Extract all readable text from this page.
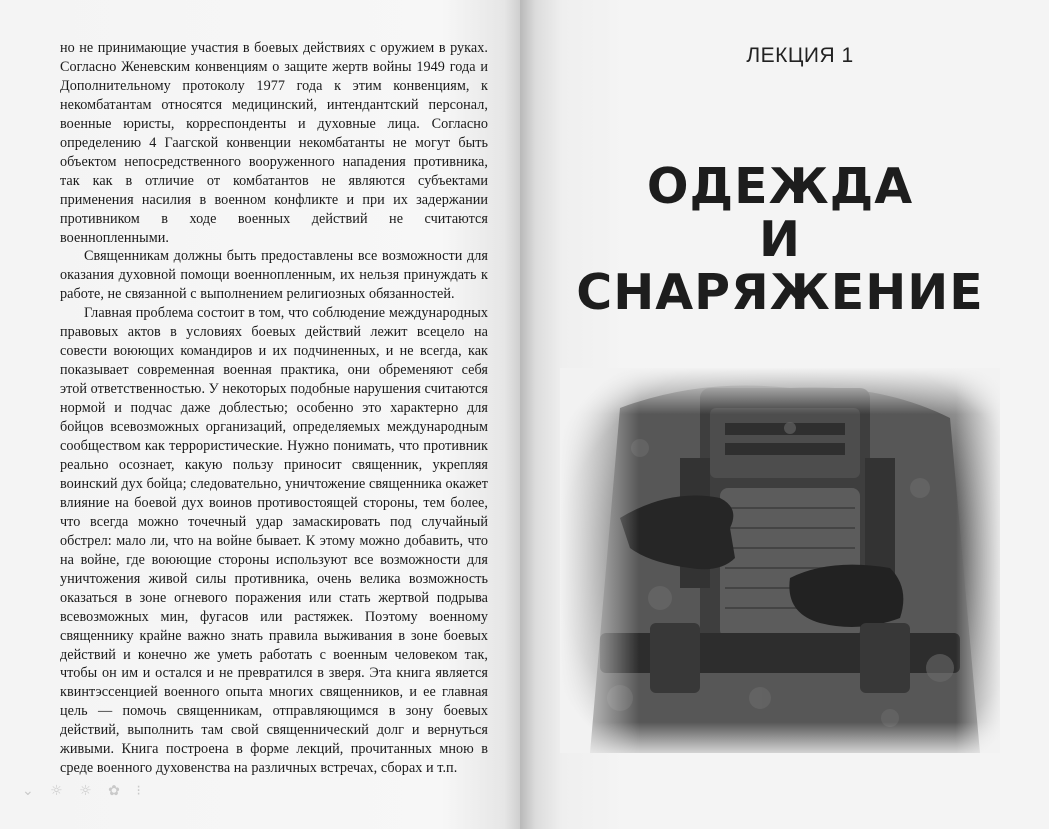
но не принимающие участия в боевых действиях с оружием в руках. Согласно Женевским конвенциям о защите жертв войны 1949 года и Дополнительному протоколу 1977 года к этим конвенциям, к некомбатантам относятся медицинский, интендантский персонал, военные юристы, корреспонденты и духовные лица. Согласно определению 4 Гаагской конвенции некомбатанты не могут быть объектом непосредственного вооруженного нападения противника, так как в отличие от комбатантов не являются субъектами применения насилия в военном конфликте и при их задержании противником в ходе военных действий не считаются военнопленными.

Священникам должны быть предоставлены все возможности для оказания духовной помощи военнопленным, их нельзя принуждать к работе, не связанной с выполнением религиозных обязанностей.

Главная проблема состоит в том, что соблюдение международных правовых актов в условиях боевых действий лежит всецело на совести воюющих командиров и их подчиненных, и не всегда, как показывает современная военная практика, они обременяют себя этой ответственностью. У некоторых подобные нарушения считаются нормой и подчас даже доблестью; особенно это характерно для бойцов всевозможных организаций, определяемых международным сообществом как террористические. Нужно понимать, что противник реально осознает, какую пользу приносит священник, укрепляя воинский дух бойца; следовательно, уничтожение священника окажет влияние на боевой дух воинов противостоящей стороны, тем более, что всегда можно точечный удар замаскировать под случайный обстрел: мало ли, что на войне бывает. К этому можно добавить, что на войне, где воюющие стороны используют все возможности для уничтожения живой силы противника, очень велика возможность оказаться в зоне огневого поражения или стать жертвой подрыва всевозможных мин, фугасов или растяжек. Поэтому военному священнику крайне важно знать правила выживания в зоне боевых действий и конечно же уметь работать с военным человеком так, чтобы он им и остался и не превратился в зверя. Эта книга является квинтэссенцией военного опыта многих священников, и ее главная цель — помочь священникам, отправляющимся в зону боевых действий, выполнить там свой священнический долг и вернуться живыми. Книга построена в форме лекций, прочитанных мною в среде военного духовенства на различных встречах, сборах и т.п.

⌄ ☼ ☼ ✿ ⁝
ЛЕКЦИЯ 1
ОДЕЖДА
И
СНАРЯЖЕНИЕ
